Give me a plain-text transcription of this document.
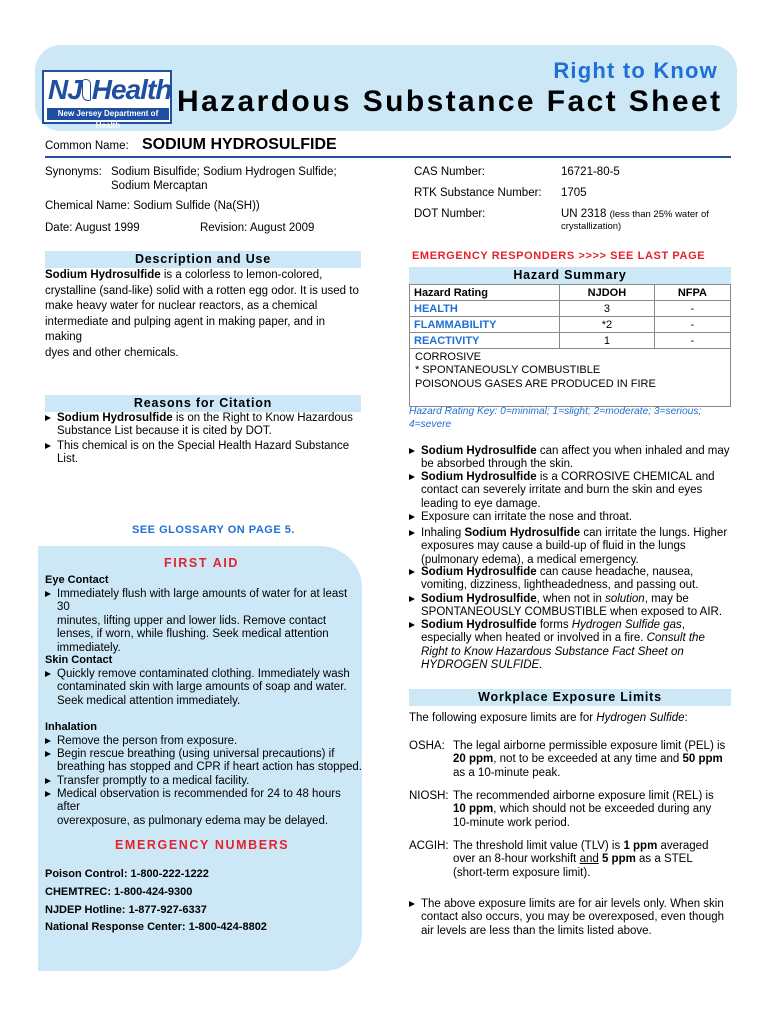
NJ Health
New Jersey Department of Health
Right to Know
Hazardous Substance Fact Sheet
Common Name: SODIUM HYDROSULFIDE
Synonyms: Sodium Bisulfide; Sodium Hydrogen Sulfide;
Sodium Mercaptan
Chemical Name: Sodium Sulfide (Na(SH))
Date: August 1999	Revision: August 2009
CAS Number:	16721-80-5
RTK Substance Number: 1705
DOT Number:	UN 2318 (less than 25% water of
crystallization)
Description and Use
Sodium Hydrosulfide is a colorless to lemon-colored,
crystalline (sand-like) solid with a rotten egg odor. It is used to
make heavy water for nuclear reactors, as a chemical
intermediate and pulping agent in making paper, and in making
dyes and other chemicals.
Reasons for Citation
Sodium Hydrosulfide is on the Right to Know Hazardous
Substance List because it is cited by DOT.
This chemical is on the Special Health Hazard Substance
List.
SEE GLOSSARY ON PAGE 5.
FIRST AID
Eye Contact
Immediately flush with large amounts of water for at least 30
minutes, lifting upper and lower lids. Remove contact
lenses, if worn, while flushing. Seek medical attention
immediately.
Skin Contact
Quickly remove contaminated clothing. Immediately wash
contaminated skin with large amounts of soap and water.
Seek medical attention immediately.
Inhalation
Remove the person from exposure.
Begin rescue breathing (using universal precautions) if
breathing has stopped and CPR if heart action has stopped.
Transfer promptly to a medical facility.
Medical observation is recommended for 24 to 48 hours after
overexposure, as pulmonary edema may be delayed.
EMERGENCY NUMBERS
Poison Control: 1-800-222-1222
CHEMTREC: 1-800-424-9300
NJDEP Hotline: 1-877-927-6337
National Response Center: 1-800-424-8802
EMERGENCY RESPONDERS >>>> SEE LAST PAGE
Hazard Summary
Hazard Rating	NJDOH	NFPA
HEALTH	3	-
FLAMMABILITY	*2	-
REACTIVITY	1	-
CORROSIVE
* SPONTANEOUSLY COMBUSTIBLE
POISONOUS GASES ARE PRODUCED IN FIRE
Hazard Rating Key: 0=minimal; 1=slight; 2=moderate; 3=serious;
4=severe
Sodium Hydrosulfide can affect you when inhaled and may
be absorbed through the skin.
Sodium Hydrosulfide is a CORROSIVE CHEMICAL and
contact can severely irritate and burn the skin and eyes
leading to eye damage.
Exposure can irritate the nose and throat.
Inhaling Sodium Hydrosulfide can irritate the lungs. Higher
exposures may cause a build-up of fluid in the lungs
(pulmonary edema), a medical emergency.
Sodium Hydrosulfide can cause headache, nausea,
vomiting, dizziness, lightheadedness, and passing out.
Sodium Hydrosulfide, when not in solution, may be
SPONTANEOUSLY COMBUSTIBLE when exposed to AIR.
Sodium Hydrosulfide forms Hydrogen Sulfide gas,
especially when heated or involved in a fire. Consult the
Right to Know Hazardous Substance Fact Sheet on
HYDROGEN SULFIDE.
Workplace Exposure Limits
The following exposure limits are for Hydrogen Sulfide:
OSHA: The legal airborne permissible exposure limit (PEL) is
20 ppm, not to be exceeded at any time and 50 ppm
as a 10-minute peak.
NIOSH: The recommended airborne exposure limit (REL) is
10 ppm, which should not be exceeded during any
10-minute work period.
ACGIH: The threshold limit value (TLV) is 1 ppm averaged
over an 8-hour workshift and 5 ppm as a STEL
(short-term exposure limit).
The above exposure limits are for air levels only. When skin
contact also occurs, you may be overexposed, even though
air levels are less than the limits listed above.
